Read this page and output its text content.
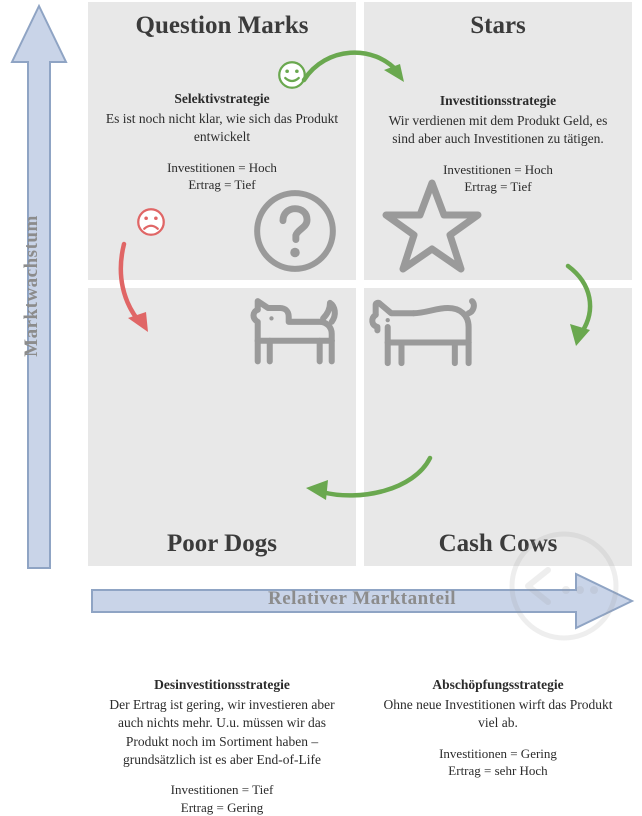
Marktwachstum
Relativer Marktanteil
Question Marks
Selektivstrategie
Es ist noch nicht klar, wie sich das Produkt entwickelt
Investitionen = Hoch
Ertrag = Tief
Stars
Investitionsstrategie
Wir verdienen mit dem Produkt Geld, es sind aber auch Investitionen zu tätigen.
Investitionen = Hoch
Ertrag = Tief
Desinvestitionsstrategie
Der Ertrag ist gering, wir investieren aber auch nichts mehr. U.u. müssen wir das Produkt noch im Sortiment haben – grundsätzlich ist es aber End-of-Life
Investitionen = Tief
Ertrag = Gering
Poor Dogs
Abschöpfungsstrategie
Ohne neue Investitionen wirft das Produkt viel ab.
Investitionen = Gering
Ertrag = sehr Hoch
Cash Cows
